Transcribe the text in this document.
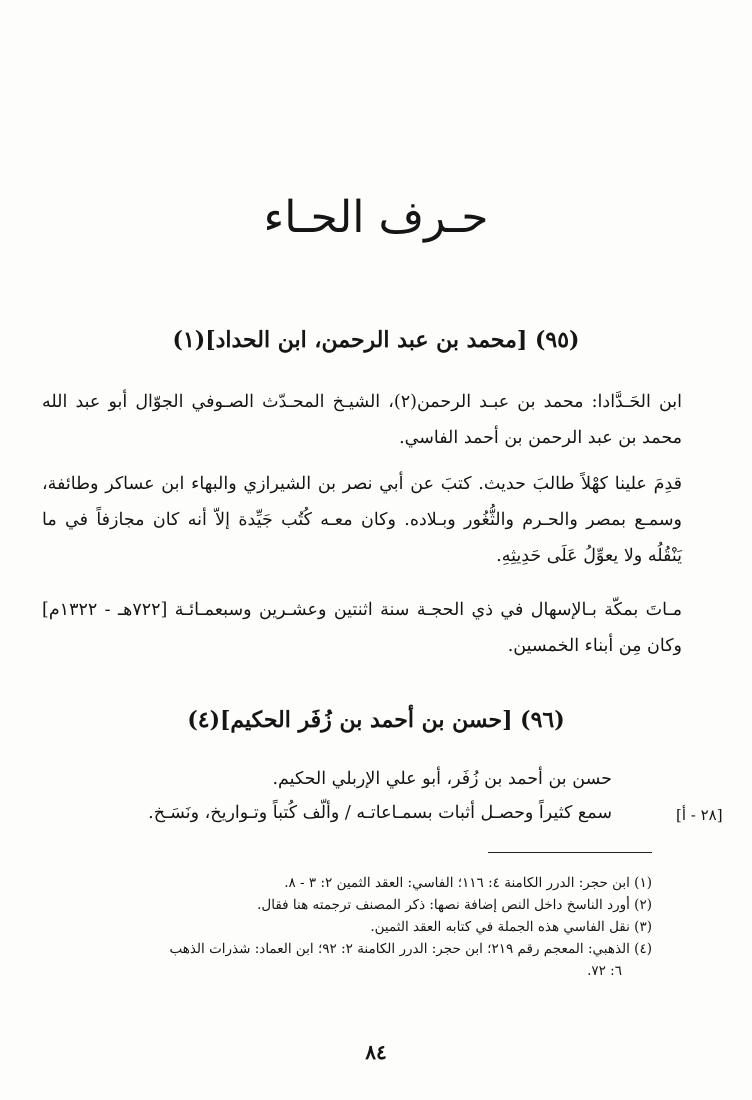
حـرف الحـاء
(٩٥) [محمد بن عبد الرحمن، ابن الحداد](١)

ابن الحَـدَّادا: محمد بن عبـد الرحمن(٢)، الشيـخ المحـدّث الصـوفي الجوّال أبو عبد الله محمد بن عبد الرحمن بن أحمد الفاسي.

قدِمَ علينا كهْلاً طالبَ حديث. كتبَ عن أبي نصر بن الشيرازي والبهاء ابن عساكر وطائفة، وسمـع بمصر والحـرم والثُّغُور وبـلاده. وكان معـه كُتُب جَيِّدة إلاّ أنه كان مجازفاً في ما يَنْقُلُه ولا يعوِّلُ عَلَى حَدِيثِهِ.

مـاتَ بمكّة بـالإسهال في ذي الحجـة سنة اثنتين وعشـرين وسبعمـائـة [٧٢٢هـ - ١٣٢٢م] وكان مِن أبناء الخمسين.

(٩٦) [حسن بن أحمد بن زُفَر الحكيم](٤)

حسن بن أحمد بن زُفَر، أبو علي الإربلي الحكيم.

سمع كثيراً وحصـل أثبات بسمـاعاتـه / وألّف كُتباً وتـواريخ، ونَسَـخ.	[٢٨ - أ]

(١) ابن حجر: الدرر الكامنة ٤: ١١٦؛ الفاسي: العقد الثمين ٢: ٣ - ٨.

(٢) أورد الناسخ داخل النص إضافة نصها: ذكر المصنف ترجمته هنا فقال.

(٣) نقل الفاسي هذه الجملة في كتابه العقد الثمين.

(٤) الذهبي: المعجم رقم ٢١٩؛ ابن حجر: الدرر الكامنة ٢: ٩٢؛ ابن العماد: شذرات الذهب

٦: ٧٢.

٨٤
